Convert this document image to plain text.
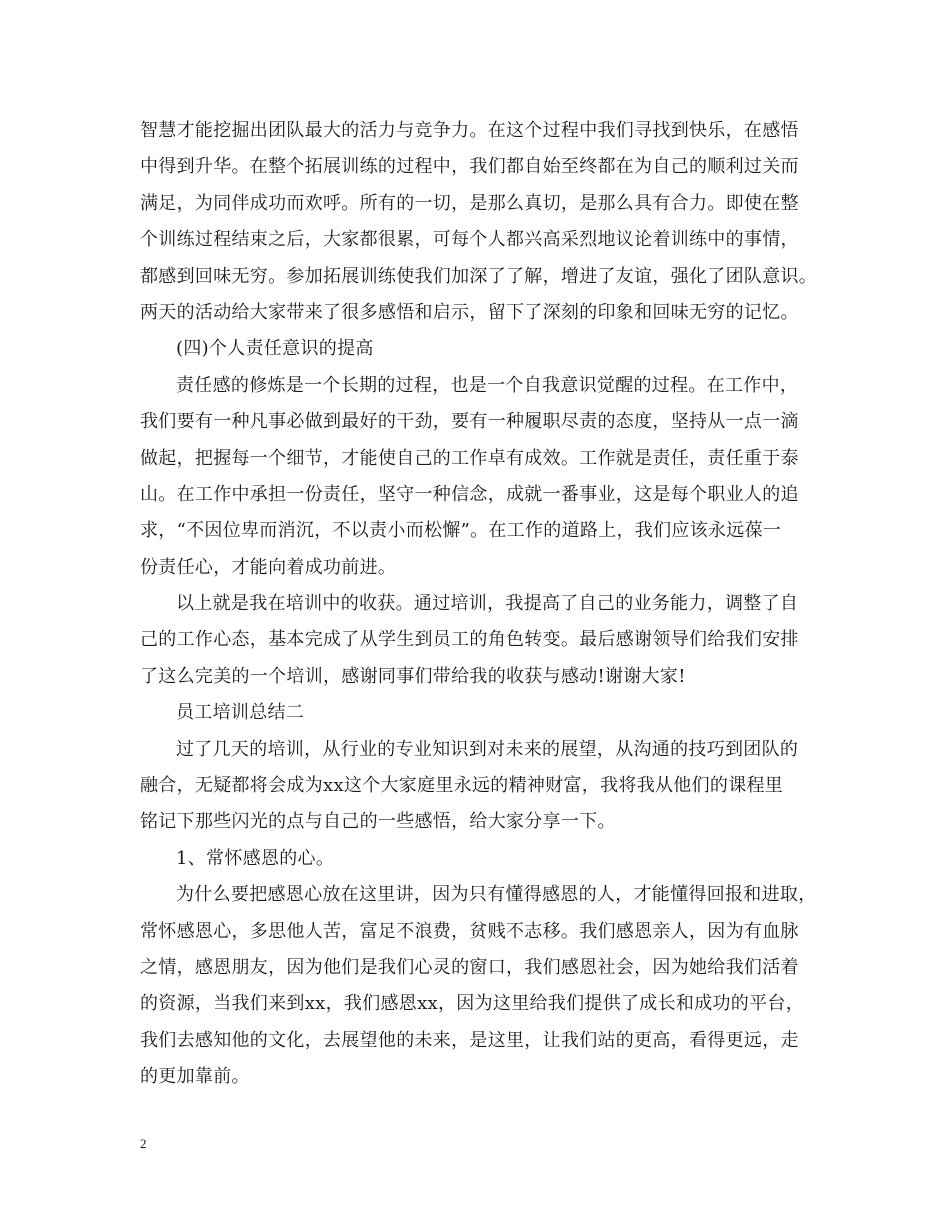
智慧才能挖掘出团队最大的活力与竞争力。在这个过程中我们寻找到快乐，在感悟
中得到升华。在整个拓展训练的过程中，我们都自始至终都在为自己的顺利过关而
满足，为同伴成功而欢呼。所有的一切，是那么真切，是那么具有合力。即使在整
个训练过程结束之后，大家都很累，可每个人都兴高采烈地议论着训练中的事情，
都感到回味无穷。参加拓展训练使我们加深了了解，增进了友谊，强化了团队意识。
两天的活动给大家带来了很多感悟和启示，留下了深刻的印象和回味无穷的记忆。
(四)个人责任意识的提高
责任感的修炼是一个长期的过程，也是一个自我意识觉醒的过程。在工作中，
我们要有一种凡事必做到最好的干劲，要有一种履职尽责的态度，坚持从一点一滴
做起，把握每一个细节，才能使自己的工作卓有成效。工作就是责任，责任重于泰
山。在工作中承担一份责任，坚守一种信念，成就一番事业，这是每个职业人的追
求，“不因位卑而消沉，不以责小而松懈”。在工作的道路上，我们应该永远葆一
份责任心，才能向着成功前进。
以上就是我在培训中的收获。通过培训，我提高了自己的业务能力，调整了自
己的工作心态，基本完成了从学生到员工的角色转变。最后感谢领导们给我们安排
了这么完美的一个培训，感谢同事们带给我的收获与感动!谢谢大家!
员工培训总结二
过了几天的培训，从行业的专业知识到对未来的展望，从沟通的技巧到团队的
融合，无疑都将会成为xx这个大家庭里永远的精神财富，我将我从他们的课程里
铭记下那些闪光的点与自己的一些感悟，给大家分享一下。
1、常怀感恩的心。
为什么要把感恩心放在这里讲，因为只有懂得感恩的人，才能懂得回报和进取，
常怀感恩心，多思他人苦，富足不浪费，贫贱不志移。我们感恩亲人，因为有血脉
之情，感恩朋友，因为他们是我们心灵的窗口，我们感恩社会，因为她给我们活着
的资源，当我们来到xx，我们感恩xx，因为这里给我们提供了成长和成功的平台，
我们去感知他的文化，去展望他的未来，是这里，让我们站的更高，看得更远，走
的更加靠前。
2
